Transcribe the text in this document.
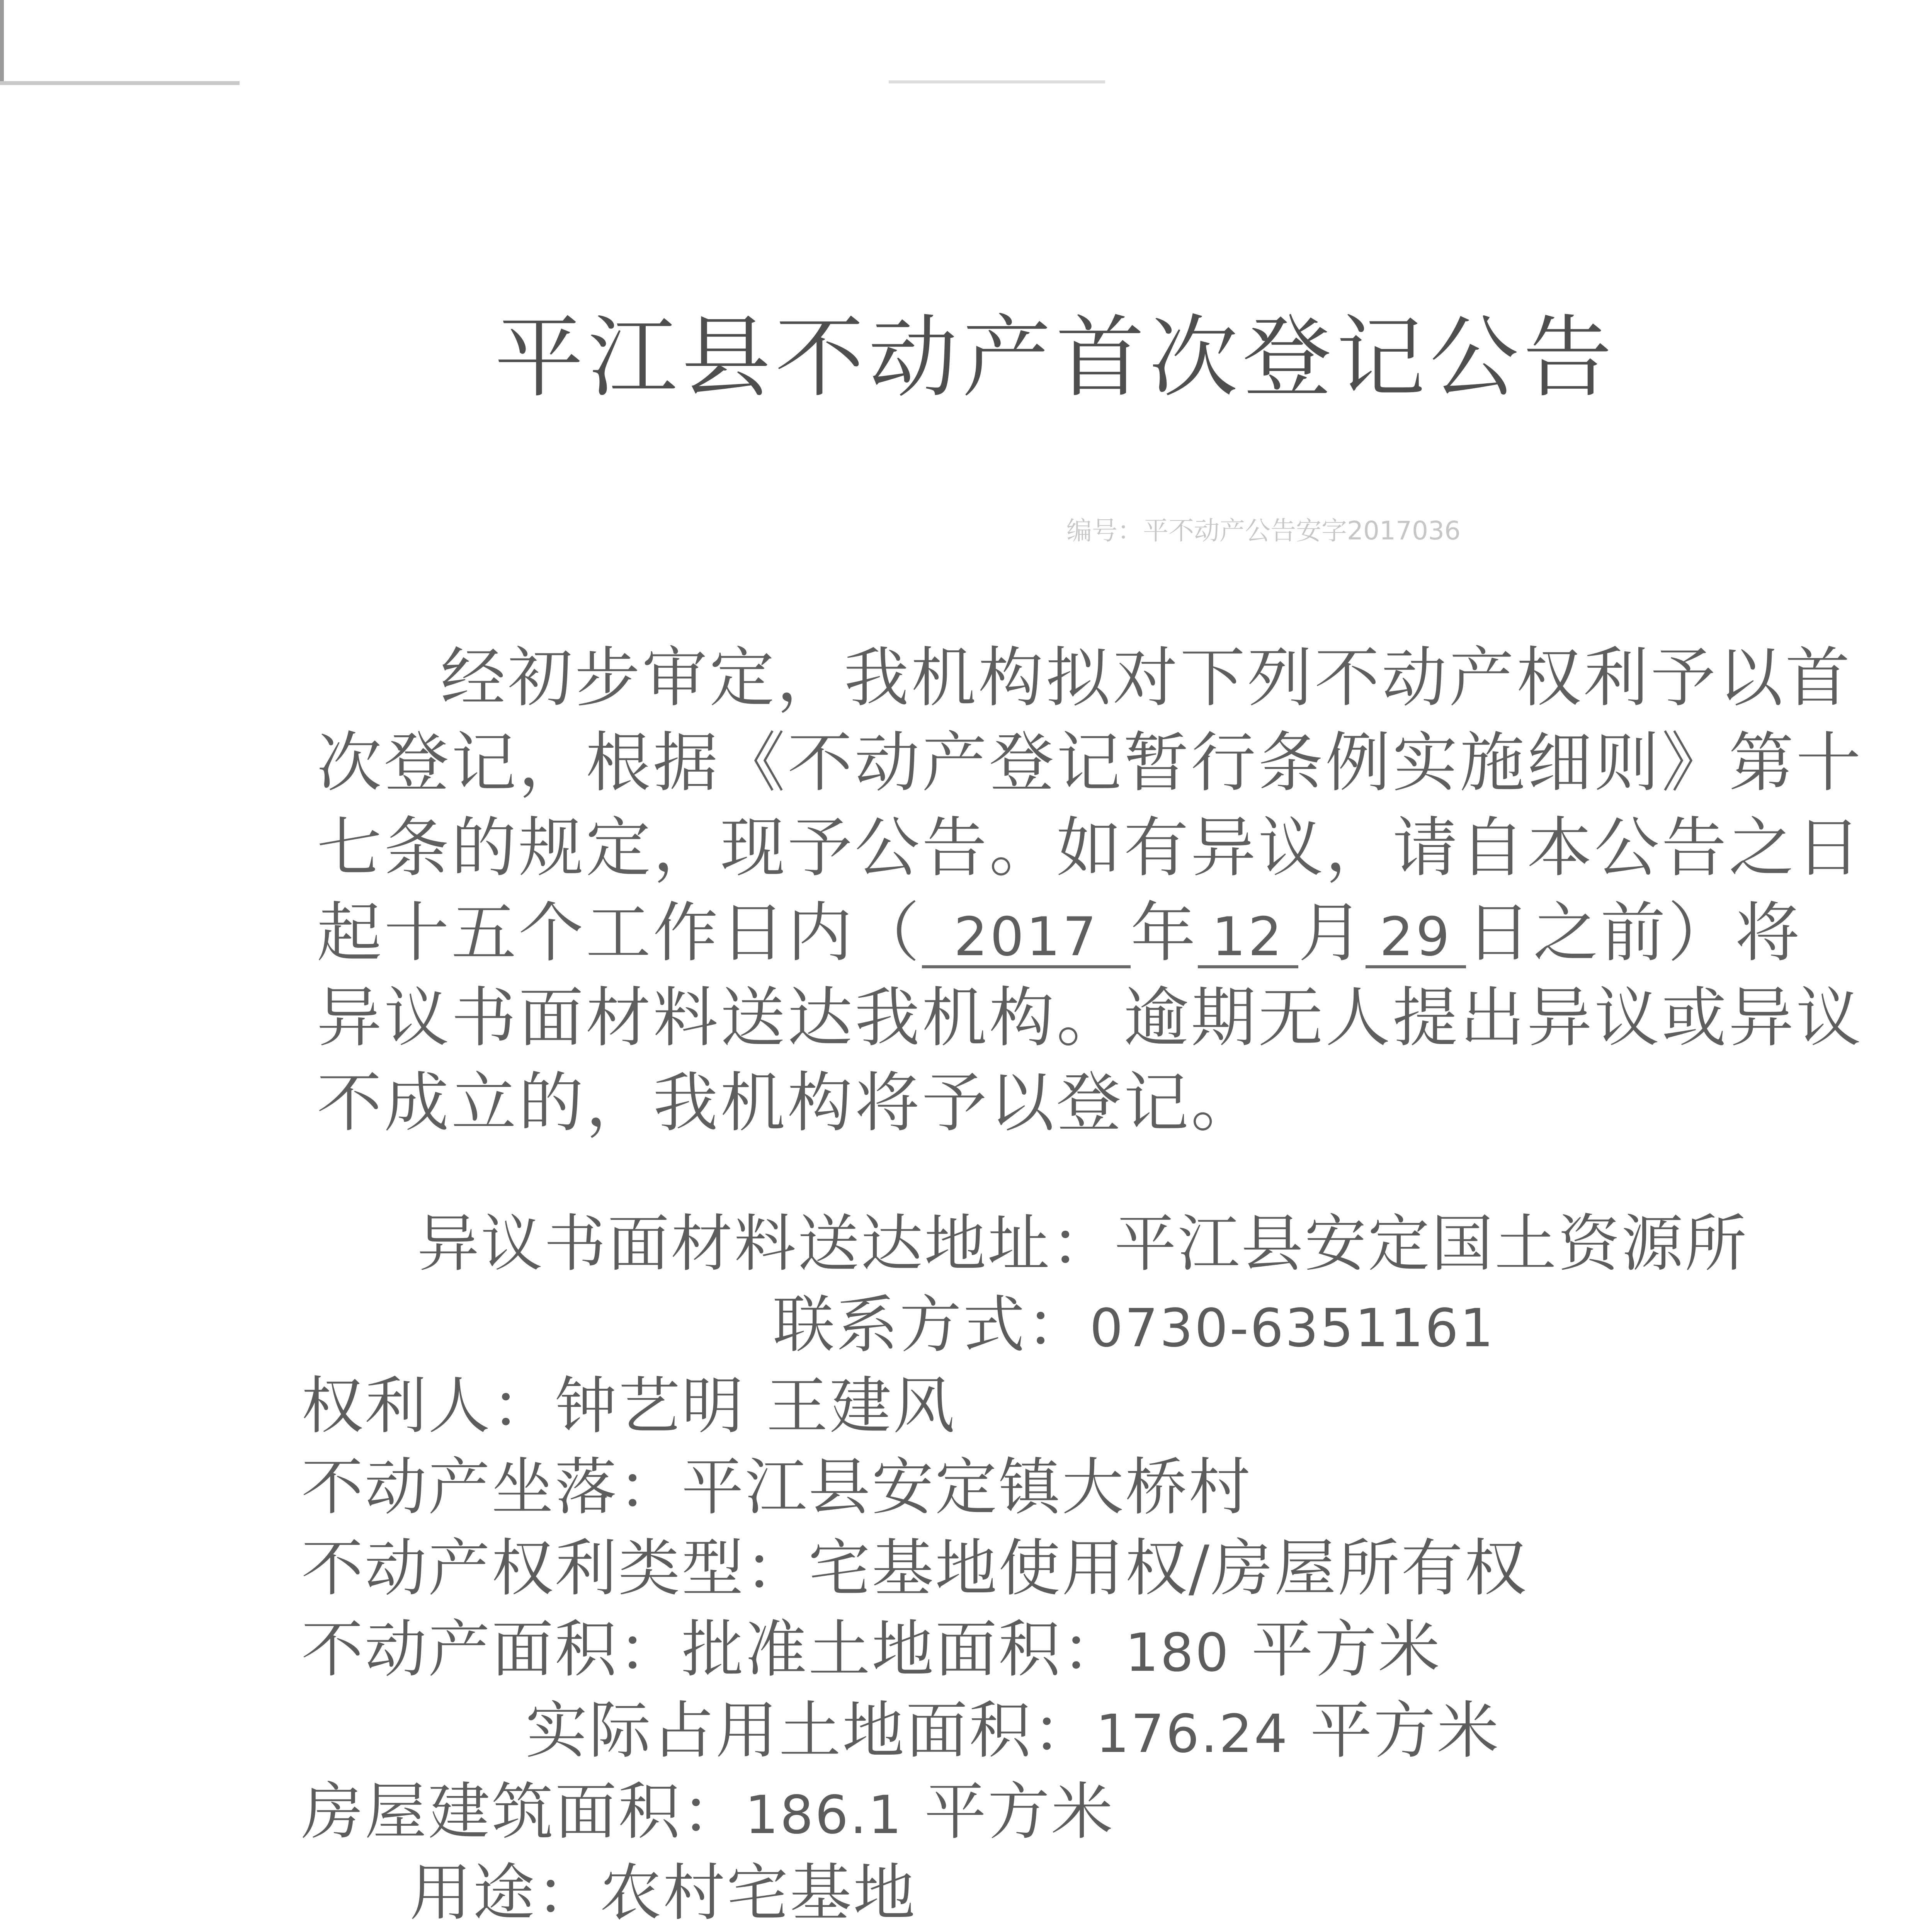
平江县不动产首次登记公告
编号：平不动产公告安字2017036
经初步审定，我机构拟对下列不动产权利予以首
次登记，根据《不动产登记暂行条例实施细则》第十
七条的规定，现予公告。如有异议，请自本公告之日
起十五个工作日内（ 2017 年 12 月 29 日之前）将
异议书面材料送达我机构。逾期无人提出异议或异议
不成立的，我机构将予以登记。
异议书面材料送达地址：平江县安定国土资源所
联系方式：0730-6351161
权利人：钟艺明 王建风
不动产坐落：平江县安定镇大桥村
不动产权利类型：宅基地使用权/房屋所有权
不动产面积：批准土地面积：180 平方米
实际占用土地面积：176.24 平方米
房屋建筑面积：186.1 平方米
用途：农村宅基地
